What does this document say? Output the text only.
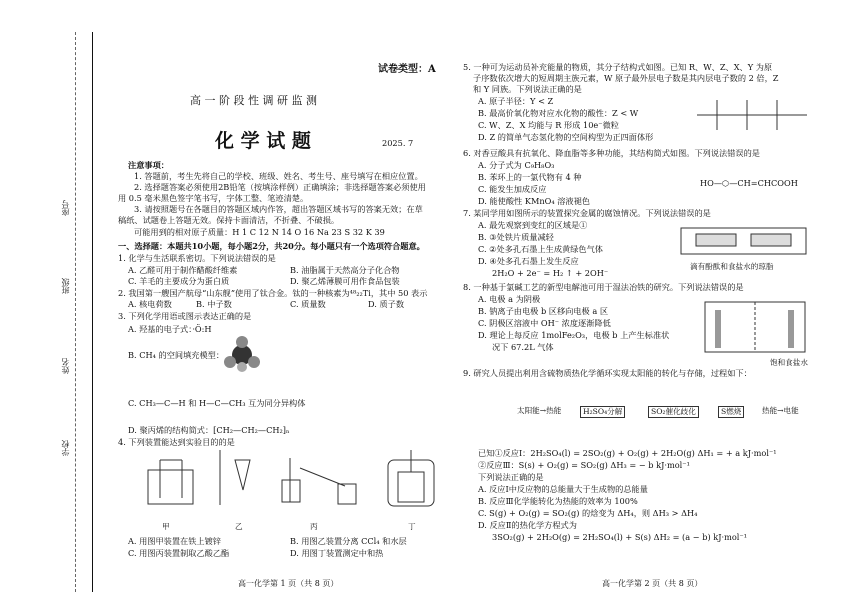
座号
班级
姓名
学校
试卷类型：A
高 一 阶 段 性 调 研 监 测
化 学 试 题	2025. 7
注意事项：
1. 答题前，考生先将自己的学校、班级、姓名、考生号、座号填写在相应位置。
2. 选择题答案必须使用2B铅笔（按填涂样例）正确填涂；非选择题答案必须使用
用 0.5 毫米黑色签字笔书写，字体工整、笔迹清楚。
3. 请按照题号在各题目的答题区域内作答，超出答题区域书写的答案无效；在草
稿纸、试题卷上答题无效。保持卡面清洁，不折叠、不破损。
可能用到的相对原子质量：H 1 C 12 N 14 O 16 Na 23 S 32 K 39
一、选择题：本题共10小题，每小题2分，共20分。每小题只有一个选项符合题意。
1. 化学与生活联系密切。下列说法错误的是
A. 乙醛可用于制作醋酸纤维素	B. 油脂属于天然高分子化合物
C. 羊毛的主要成分为蛋白质	D. 聚乙烯薄膜可用作食品包装
2. 我国第一艘国产航母“山东舰”使用了钛合金。钛的一种核素为⁴⁸₂₂Ti，其中 50 表示
A. 核电荷数	B. 中子数	C. 质量数	D. 质子数
3. 下列化学用语或图示表达正确的是
A. 羟基的电子式：·Ö:H
B. CH₄ 的空间填充模型：
C. CH₃—C—H 和 H—C—CH₃ 互为同分异构体
D. 聚丙烯的结构简式：[CH₂—CH₂—CH₂]ₙ
4. 下列装置能达到实验目的的是
甲	乙	丙	丁
A. 用图甲装置在铁上镀锌	B. 用图乙装置分离 CCl₄ 和水层
C. 用图丙装置制取乙酸乙酯	D. 用图丁装置测定中和热
高一化学第 1 页（共 8 页）
5. 一种可为运动员补充能量的物质，其分子结构式如图。已知 R、W、Z、X、Y 为原
子序数依次增大的短周期主族元素，W 原子最外层电子数是其内层电子数的 2 倍，Z
和 Y 同族。下列说法正确的是
A. 原子半径：Y < Z
B. 最高价氧化物对应水化物的酸性：Z < W
C. W、Z、X 均能与 R 形成 10e⁻微粒
D. Z 的简单气态氢化物的空间构型为正四面体形
6. 对香豆酸具有抗氧化、降血脂等多种功能，其结构简式如图。下列说法错误的是
A. 分子式为 C₉H₈O₃
B. 苯环上的一氯代物有 4 种
C. 能发生加成反应
D. 能使酸性 KMnO₄ 溶液褪色
HO—⬡—CH=CHCOOH
7. 某同学用如图所示的装置探究金属的腐蚀情况。下列说法错误的是
A. 最先观察到变红的区域是①
B. ③处铁片质量减轻
C. ②处多孔石墨上生成黄绿色气体
D. ④处多孔石墨上发生反应
2H₂O + 2e⁻ = H₂ ↑ + 2OH⁻
滴有酚酞和食盐水的琼脂
8. 一种基于氯碱工艺的新型电解池可用于湿法冶铁的研究。下列说法错误的是
A. 电极 a 为阴极
B. 钠离子由电极 b 区移向电极 a 区
C. 阴极区溶液中 OH⁻ 浓度逐渐降低
D. 理论上每反应 1molFe₂O₃，电极 b 上产生标准状
况下 67.2L 气体
饱和食盐水
9. 研究人员提出利用含硫物质热化学循环实现太阳能的转化与存储，过程如下：
太阳能→热能	H₂SO₄分解	SO₂催化歧化	S燃烧	热能→电能
已知①反应Ⅰ：2H₂SO₄(l) = 2SO₂(g) + O₂(g) + 2H₂O(g) ΔH₁ = + a kJ·mol⁻¹
②反应Ⅲ：S(s) + O₂(g) = SO₂(g) ΔH₃ = − b kJ·mol⁻¹
下列说法正确的是
A. 反应Ⅰ中反应物的总能量大于生成物的总能量
B. 反应Ⅲ化学能转化为热能的效率为 100%
C. S(g) + O₂(g) = SO₂(g) 的焓变为 ΔH₄，则 ΔH₃ > ΔH₄
D. 反应Ⅱ的热化学方程式为
3SO₂(g) + 2H₂O(g) = 2H₂SO₄(l) + S(s) ΔH₂ = (a − b) kJ·mol⁻¹
高一化学第 2 页（共 8 页）
